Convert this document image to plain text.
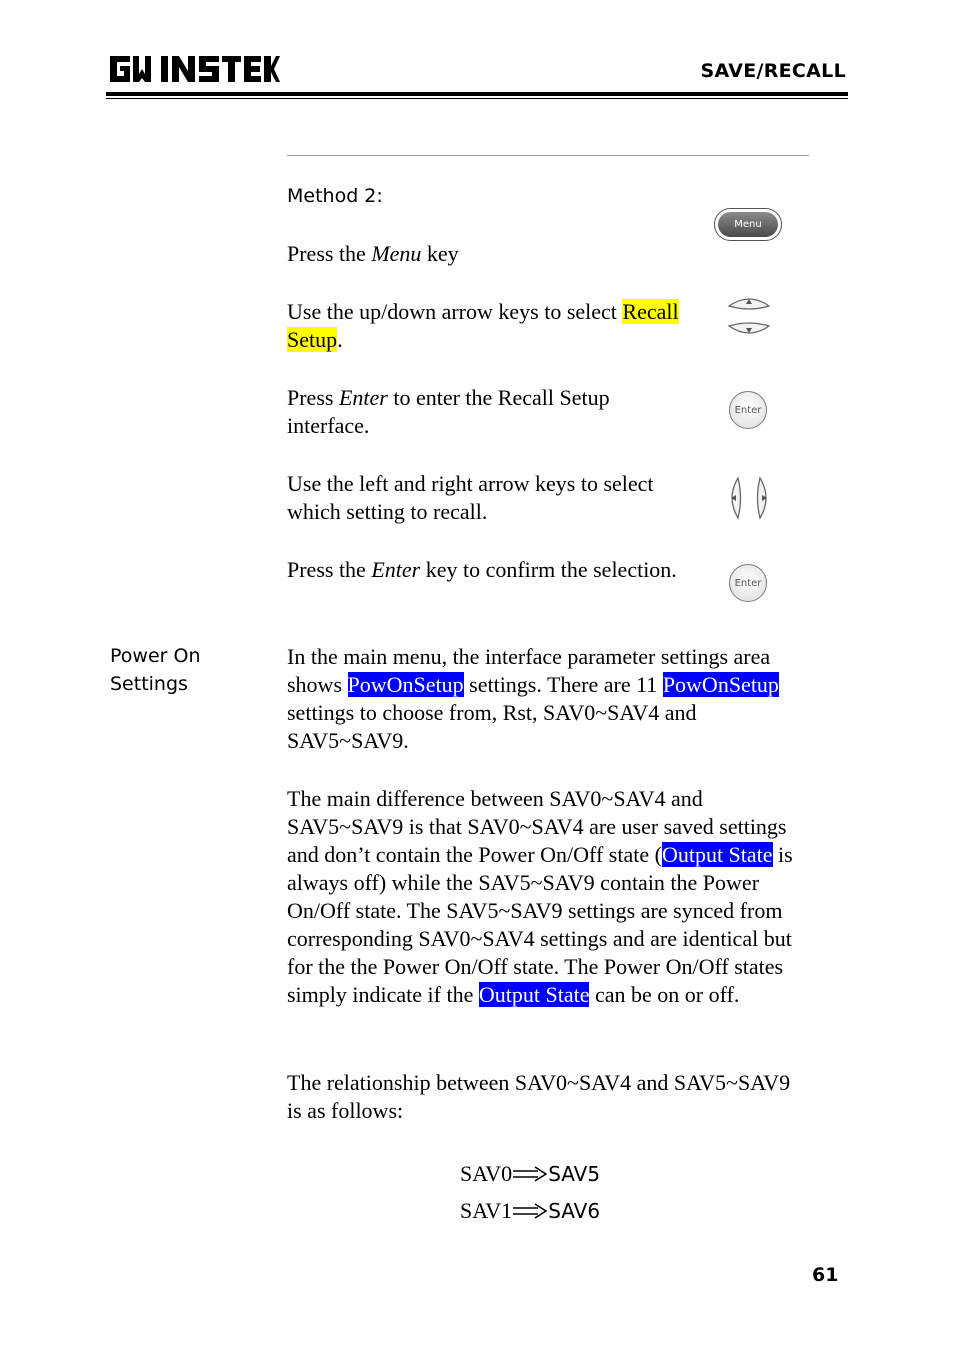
SAVE/RECALL
Method 2:
Press the Menu key
Use the up/down arrow keys to select Recall Setup.
Press Enter to enter the Recall Setup interface.
Use the left and right arrow keys to select which setting to recall.
Press the Enter key to confirm the selection.
Menu
Enter
Enter
Power On
Settings
In the main menu, the interface parameter settings area shows PowOnSetup settings. There are 11 PowOnSetup settings to choose from, Rst, SAV0~SAV4 and SAV5~SAV9.
The main difference between SAV0~SAV4 and SAV5~SAV9 is that SAV0~SAV4 are user saved settings and don’t contain the Power On/Off state (Output State is always off) while the SAV5~SAV9 contain the Power On/Off state. The SAV5~SAV9 settings are synced from corresponding SAV0~SAV4 settings and are identical but for the the Power On/Off state. The Power On/Off states simply indicate if the Output State can be on or off.
The relationship between SAV0~SAV4 and SAV5~SAV9 is as follows:
SAV0 SAV5
SAV1 SAV6
61
